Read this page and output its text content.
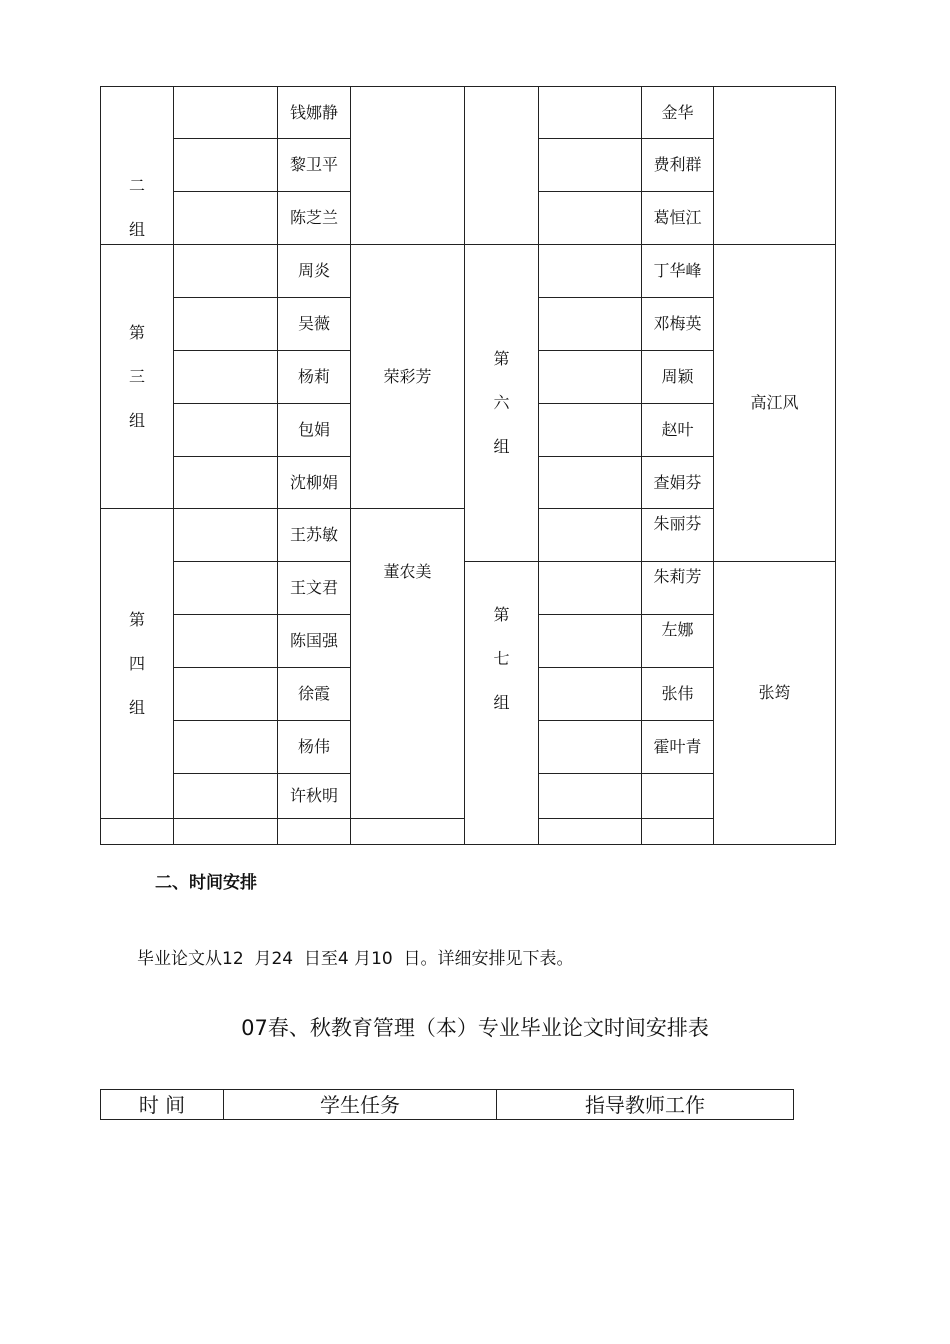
二
组
钱娜静
黎卫平
陈芝兰
第
三
组
周炎
吴薇
杨莉
包娟
沈柳娟
荣彩芳
第
四
组
王苏敏
王文君
陈国强
徐霞
杨伟
许秋明
董农美
金华
费利群
葛恒江
第
六
组
丁华峰
邓梅英
周颖
赵叶
查娟芬
朱丽芬
高江风
第
七
组
朱莉芳
左娜
张伟
霍叶青
张筠
二、时间安排
毕业论文从12  月24  日至4 月10  日。详细安排见下表。
07春、秋教育管理（本）专业毕业论文时间安排表
时 间	学生任务	指导教师工作
